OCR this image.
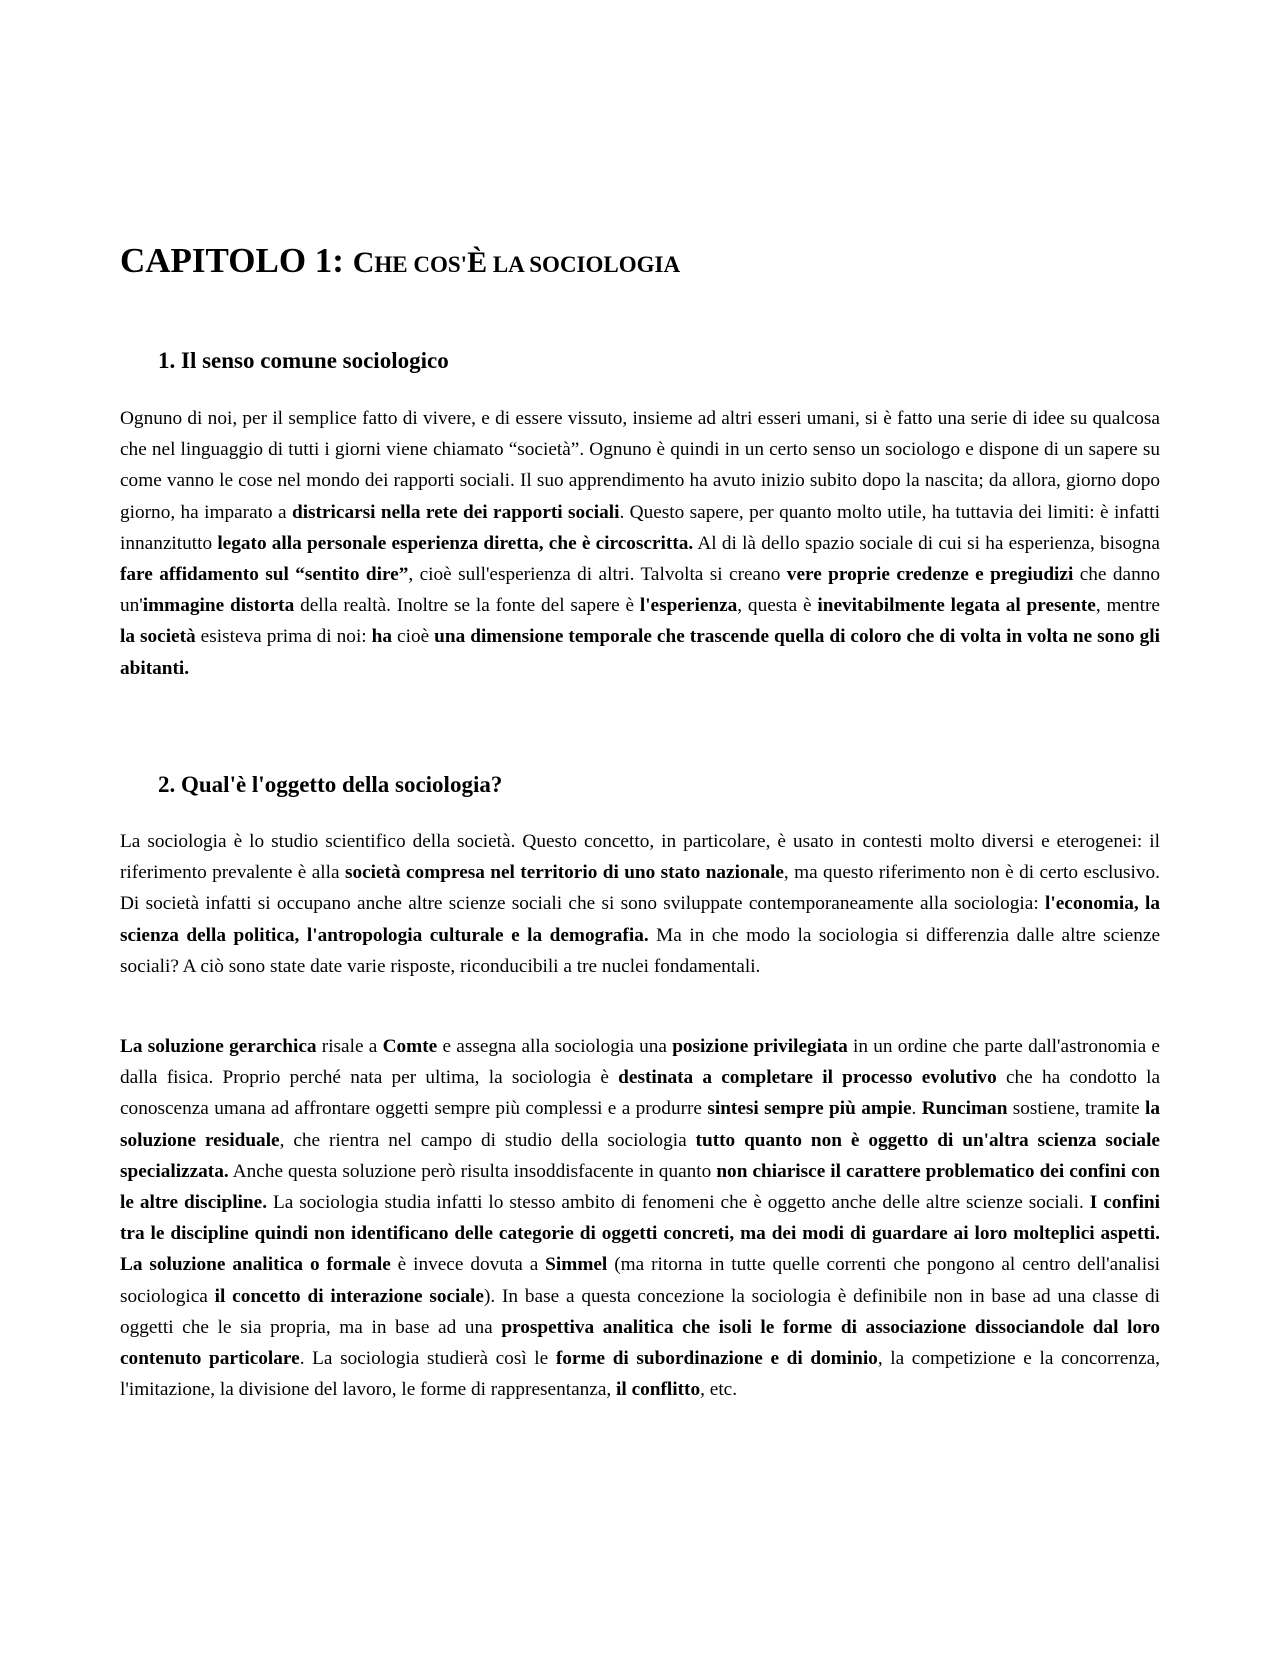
CAPITOLO 1: CHE COS'È LA SOCIOLOGIA
1. Il senso comune sociologico

Ognuno di noi, per il semplice fatto di vivere, e di essere vissuto, insieme ad altri esseri umani, si è fatto una serie di idee su qualcosa che nel linguaggio di tutti i giorni viene chiamato “società”. Ognuno è quindi in un certo senso un sociologo e dispone di un sapere su come vanno le cose nel mondo dei rapporti sociali. Il suo apprendimento ha avuto inizio subito dopo la nascita; da allora, giorno dopo giorno, ha imparato a districarsi nella rete dei rapporti sociali. Questo sapere, per quanto molto utile, ha tuttavia dei limiti: è infatti innanzitutto legato alla personale esperienza diretta, che è circoscritta. Al di là dello spazio sociale di cui si ha esperienza, bisogna fare affidamento sul “sentito dire”, cioè sull'esperienza di altri. Talvolta si creano vere proprie credenze e pregiudizi che danno un'immagine distorta della realtà. Inoltre se la fonte del sapere è l'esperienza, questa è inevitabilmente legata al presente, mentre la società esisteva prima di noi: ha cioè una dimensione temporale che trascende quella di coloro che di volta in volta ne sono gli abitanti.

2. Qual'è l'oggetto della sociologia?

La sociologia è lo studio scientifico della società. Questo concetto, in particolare, è usato in contesti molto diversi e eterogenei: il riferimento prevalente è alla società compresa nel territorio di uno stato nazionale, ma questo riferimento non è di certo esclusivo. Di società infatti si occupano anche altre scienze sociali che si sono sviluppate contemporaneamente alla sociologia: l'economia, la scienza della politica, l'antropologia culturale e la demografia. Ma in che modo la sociologia si differenzia dalle altre scienze sociali? A ciò sono state date varie risposte, riconducibili a tre nuclei fondamentali.

La soluzione gerarchica risale a Comte e assegna alla sociologia una posizione privilegiata in un ordine che parte dall'astronomia e dalla fisica. Proprio perché nata per ultima, la sociologia è destinata a completare il processo evolutivo che ha condotto la conoscenza umana ad affrontare oggetti sempre più complessi e a produrre sintesi sempre più ampie. Runciman sostiene, tramite la soluzione residuale, che rientra nel campo di studio della sociologia tutto quanto non è oggetto di un'altra scienza sociale specializzata. Anche questa soluzione però risulta insoddisfacente in quanto non chiarisce il carattere problematico dei confini con le altre discipline. La sociologia studia infatti lo stesso ambito di fenomeni che è oggetto anche delle altre scienze sociali. I confini tra le discipline quindi non identificano delle categorie di oggetti concreti, ma dei modi di guardare ai loro molteplici aspetti. La soluzione analitica o formale è invece dovuta a Simmel (ma ritorna in tutte quelle correnti che pongono al centro dell'analisi sociologica il concetto di interazione sociale). In base a questa concezione la sociologia è definibile non in base ad una classe di oggetti che le sia propria, ma in base ad una prospettiva analitica che isoli le forme di associazione dissociandole dal loro contenuto particolare. La sociologia studierà così le forme di subordinazione e di dominio, la competizione e la concorrenza, l'imitazione, la divisione del lavoro, le forme di rappresentanza, il conflitto, etc.
